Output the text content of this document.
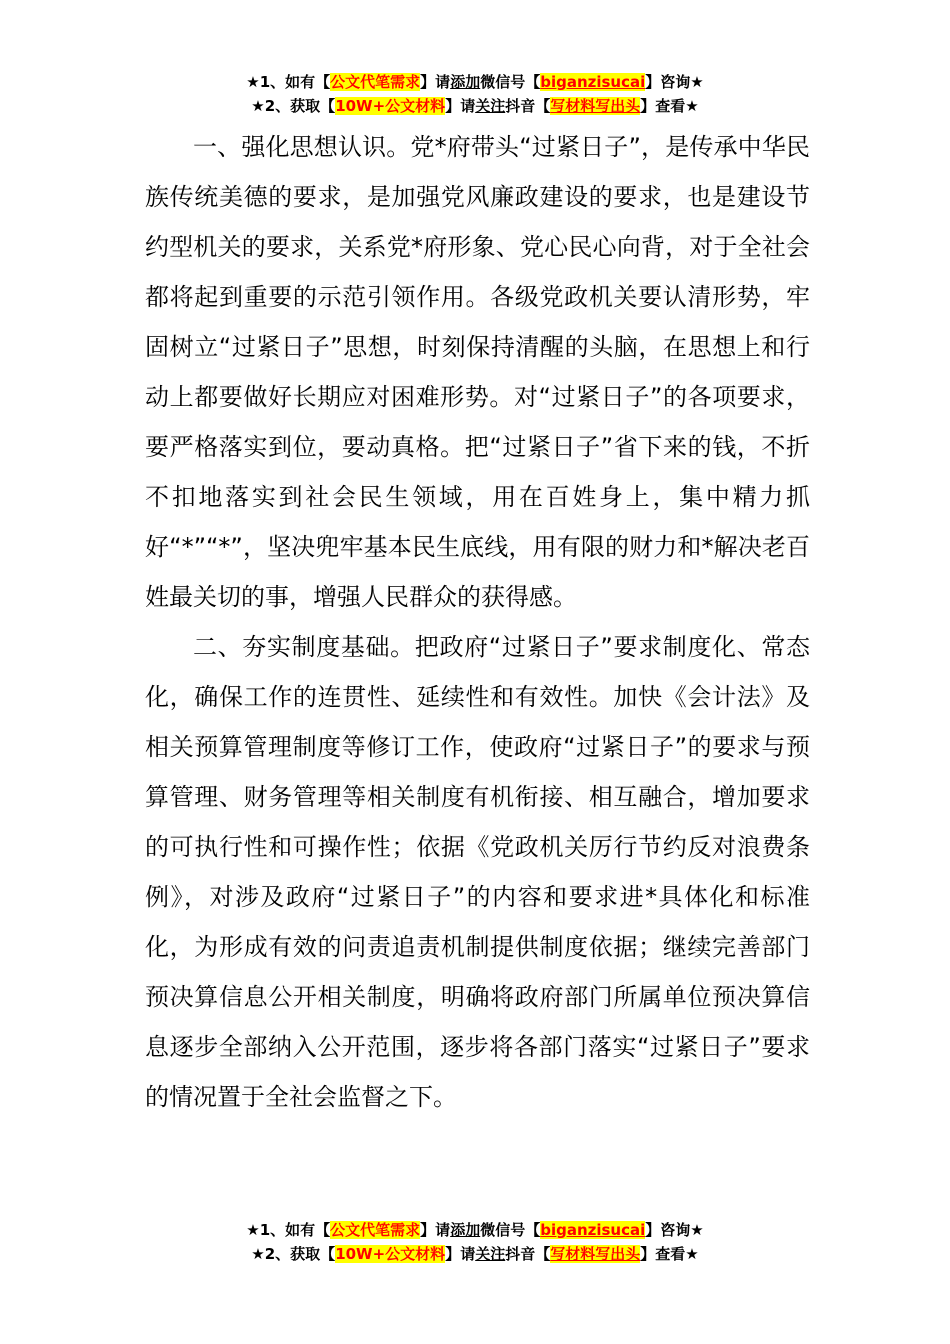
★1、如有【公文代笔需求】请添加微信号【biganzisucai】咨询★
★2、获取【10W+公文材料】请关注抖音【写材料写出头】查看★

一、强化思想认识。党*府带头“过紧日子”，是传承中华民族传统美德的要求，是加强党风廉政建设的要求，也是建设节约型机关的要求，关系党*府形象、党心民心向背，对于全社会都将起到重要的示范引领作用。各级党政机关要认清形势，牢固树立“过紧日子”思想，时刻保持清醒的头脑，在思想上和行动上都要做好长期应对困难形势。对“过紧日子”的各项要求，要严格落实到位，要动真格。把“过紧日子”省下来的钱，不折不扣地落实到社会民生领域，用在百姓身上，集中精力抓好“*”“*”，坚决兜牢基本民生底线，用有限的财力和*解决老百姓最关切的事，增强人民群众的获得感。

二、夯实制度基础。把政府“过紧日子”要求制度化、常态化，确保工作的连贯性、延续性和有效性。加快《会计法》及相关预算管理制度等修订工作，使政府“过紧日子”的要求与预算管理、财务管理等相关制度有机衔接、相互融合，增加要求的可执行性和可操作性；依据《党政机关厉行节约反对浪费条例》，对涉及政府“过紧日子”的内容和要求进*具体化和标准化，为形成有效的问责追责机制提供制度依据；继续完善部门预决算信息公开相关制度，明确将政府部门所属单位预决算信息逐步全部纳入公开范围，逐步将各部门落实“过紧日子”要求的情况置于全社会监督之下。

★1、如有【公文代笔需求】请添加微信号【biganzisucai】咨询★
★2、获取【10W+公文材料】请关注抖音【写材料写出头】查看★
